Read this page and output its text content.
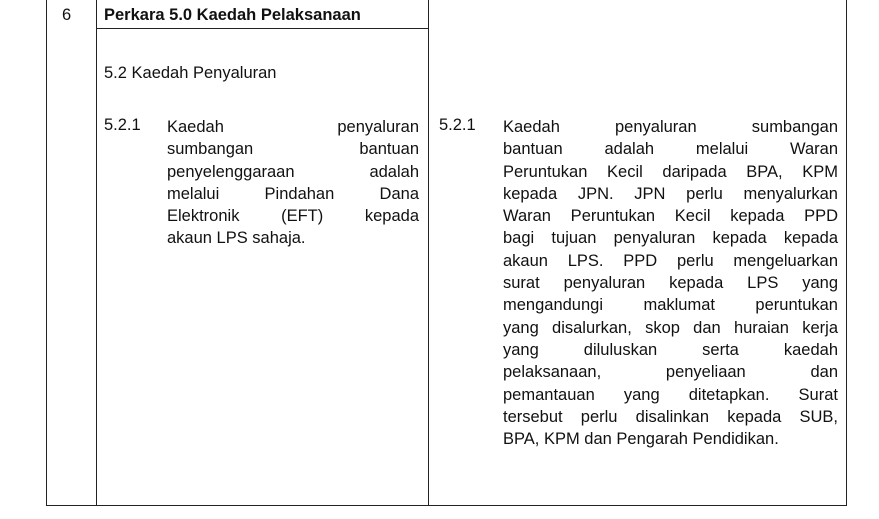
6 Perkara 5.0 Kaedah Pelaksanaan
5.2 Kaedah Penyaluran
5.2.1 Kaedah penyaluran
sumbangan bantuan
penyelenggaraan adalah
melalui Pindahan Dana
Elektronik (EFT) kepada
akaun LPS sahaja.
5.2.1 Kaedah penyaluran sumbangan
bantuan adalah melalui Waran
Peruntukan Kecil daripada BPA, KPM
kepada JPN. JPN perlu menyalurkan
Waran Peruntukan Kecil kepada PPD
bagi tujuan penyaluran kepada kepada
akaun LPS. PPD perlu mengeluarkan
surat penyaluran kepada LPS yang
mengandungi maklumat peruntukan
yang disalurkan, skop dan huraian kerja
yang diluluskan serta kaedah
pelaksanaan, penyeliaan dan
pemantauan yang ditetapkan. Surat
tersebut perlu disalinkan kepada SUB,
BPA, KPM dan Pengarah Pendidikan.
